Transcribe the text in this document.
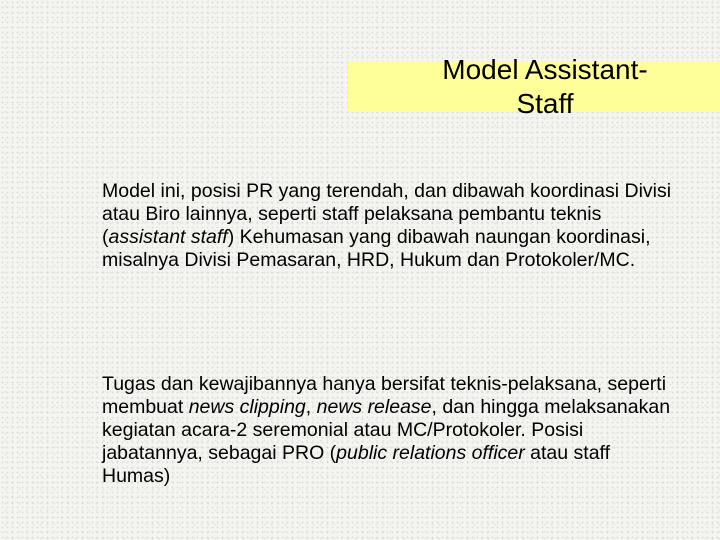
Model Assistant-
Staff

Model ini, posisi PR yang terendah, dan dibawah koordinasi Divisi atau Biro lainnya, seperti staff pelaksana pembantu teknis (assistant staff) Kehumasan yang dibawah naungan koordinasi, misalnya Divisi Pemasaran, HRD, Hukum dan Protokoler/MC.

Tugas dan kewajibannya hanya bersifat teknis-pelaksana, seperti membuat news clipping, news release, dan hingga melaksanakan kegiatan acara-2 seremonial atau MC/Protokoler. Posisi jabatannya, sebagai PRO (public relations officer atau staff Humas)
